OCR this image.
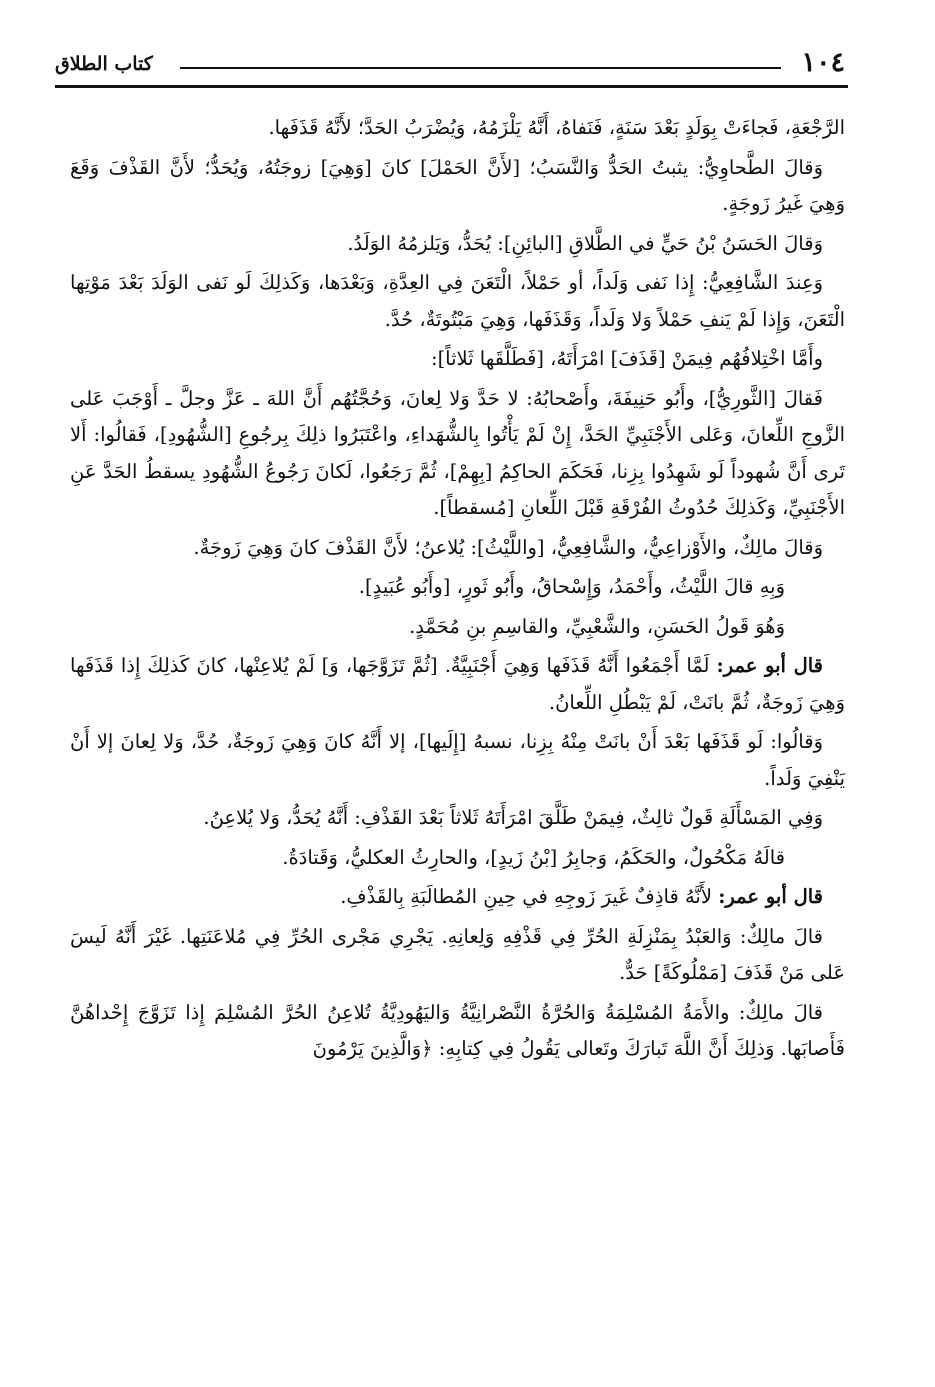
١٠٤
كتاب الطلاق

الرَّجْعَةِ، فَجاءَتْ بِوَلَدٍ بَعْدَ سَنَةٍ، فَنَفاهُ، أَنَّهُ يَلْزَمُهُ، وَيُضْرَبُ الحَدَّ؛ لأَنَّهُ قَذَفَها.

وَقالَ الطَّحاوِيُّ: يثبتُ الحَدُّ وَالنَّسَبُ؛ [لأَنَّ الحَمْلَ] كانَ [وَهِيَ] زوجَتُهُ، وَيُحَدُّ؛ لأَنَّ القَذْفَ وَقَعَ وَهِيَ غَيرُ زَوجَةٍ.

وَقالَ الحَسَنُ بْنُ حَيٍّ في الطَّلاقِ [البائِنِ]: يُحَدُّ، وَيَلزمُهُ الوَلَدُ.

وَعِندَ الشَّافِعِيُّ: إِذا نَفى وَلَداً، أو حَمْلاً، الْتَعَنَ فِي العِدَّةِ، وَبَعْدَها، وَكَذلِكَ لَو نَفى الوَلَدَ بَعْدَ مَوْتِها الْتَعَنَ، وَإِذا لَمْ يَنفِ حَمْلاً وَلا وَلَداً، وَقَذَفَها، وَهِيَ مَبْتُوتَةٌ، حُدَّ.

وأَمَّا اخْتِلافُهُم فِيمَنْ [قَذَفَ] امْرَأَتَهُ، [فَطَلَّقَها ثَلاثاً]:

فَقالَ [الثَّورِيُّ]، وأَبُو حَنِيفَةَ، وأَصْحابُهُ: لا حَدَّ وَلا لِعانَ، وَحُجَّتُهُم أَنَّ اللهَ ـ عَزَّ وجلَّ ـ أَوْجَبَ عَلى الزَّوجِ اللِّعانَ، وَعَلى الأَجْنَبِيِّ الحَدَّ، إِنْ لَمْ يَأْتُوا بِالشُّهَداءِ، واعْتَبَرُوا ذلِكَ بِرجُوعِ [الشُّهُودِ]، فَقالُوا: أَلا تَرى أَنَّ شُهوداً لَو شَهِدُوا بِزِنا، فَحَكَمَ الحاكِمُ [بِهِمْ]، ثُمَّ رَجَعُوا، لَكانَ رَجُوعُ الشُّهُودِ يسقطُ الحَدَّ عَنِ الأَجْنَبِيِّ، وَكَذلِكَ حُدُوثُ الفُرْقَةِ قَبْلَ اللِّعانِ [مُسقطاً].

وَقالَ مالِكٌ، والأَوْزاعِيُّ، والشَّافِعِيُّ، [واللَّيْثُ]: يُلاعنُ؛ لأَنَّ القَذْفَ كانَ وَهِيَ زَوجَةٌ.

وَبِهِ قالَ اللَّيْثُ، وأَحْمَدُ، وَإِسْحاقُ، وأَبُو ثَورٍ، [وأَبُو عُبَيدٍ].

وَهُوَ قَولُ الحَسَنِ، والشَّعْبِيِّ، والقاسِمِ بنِ مُحَمَّدٍ.

قال أبو عمر: لَمَّا أَجْمَعُوا أَنَّهُ قَذَفَها وَهِيَ أَجْنَبِيَّةٌ. [ثُمَّ تَزَوَّجَها، وَ] لَمْ يُلاعِنْها، كانَ كَذلِكَ إِذا قَذَفَها وَهِيَ زَوجَةٌ، ثُمَّ بانَتْ، لَمْ يَبْطُلِ اللِّعانُ.

وَقالُوا: لَو قَذَفَها بَعْدَ أَنْ بانَتْ مِنْهُ بِزِنا، نسبهُ [إِلَيها]، إلا أَنَّهُ كانَ وَهِيَ زَوجَةٌ، حُدَّ، وَلا لِعانَ إلا أَنْ يَنْفِيَ وَلَداً.

وَفِي المَسْأَلَةِ قَولٌ ثالِثٌ، فِيمَنْ طَلَّقَ امْرَأَتَهُ ثَلاثاً بَعْدَ القَذْفِ: أَنَّهُ يُحَدُّ، وَلا يُلاعِنُ.

قالَهُ مَكْحُولٌ، والحَكَمُ، وَجابِرُ [بْنُ زَيدٍ]، والحارِثُ العكليُّ، وَقَتادَةُ.

قال أبو عمر: لأَنَّهُ قاذِفٌ غَيرَ زَوجِهِ في حِينِ المُطالَبَةِ بِالقَذْفِ.

قالَ مالِكٌ: وَالعَبْدُ بِمَنْزِلَةِ الحُرِّ فِي قَذْفِهِ وَلِعانِهِ. يَجْرِي مَجْرى الحُرِّ فِي مُلاعَنَتِها. غَيْرَ أَنَّهُ لَيسَ عَلى مَنْ قَذَفَ [مَمْلُوكَةً] حَدٌّ.

قالَ مالِكٌ: والأَمَةُ المُسْلِمَةُ وَالحُرَّةُ النَّصْرانِيَّةُ وَاليَهُودِيَّةُ تُلاعِنُ الحُرَّ المُسْلِمَ إِذا تَزَوَّجَ إِحْداهُنَّ فَأَصابَها. وَذلِكَ أَنَّ اللَّهَ تَبارَكَ وتَعالى يَقُولُ فِي كِتابِهِ: ﴿وَالَّذِينَ يَرْمُونَ
